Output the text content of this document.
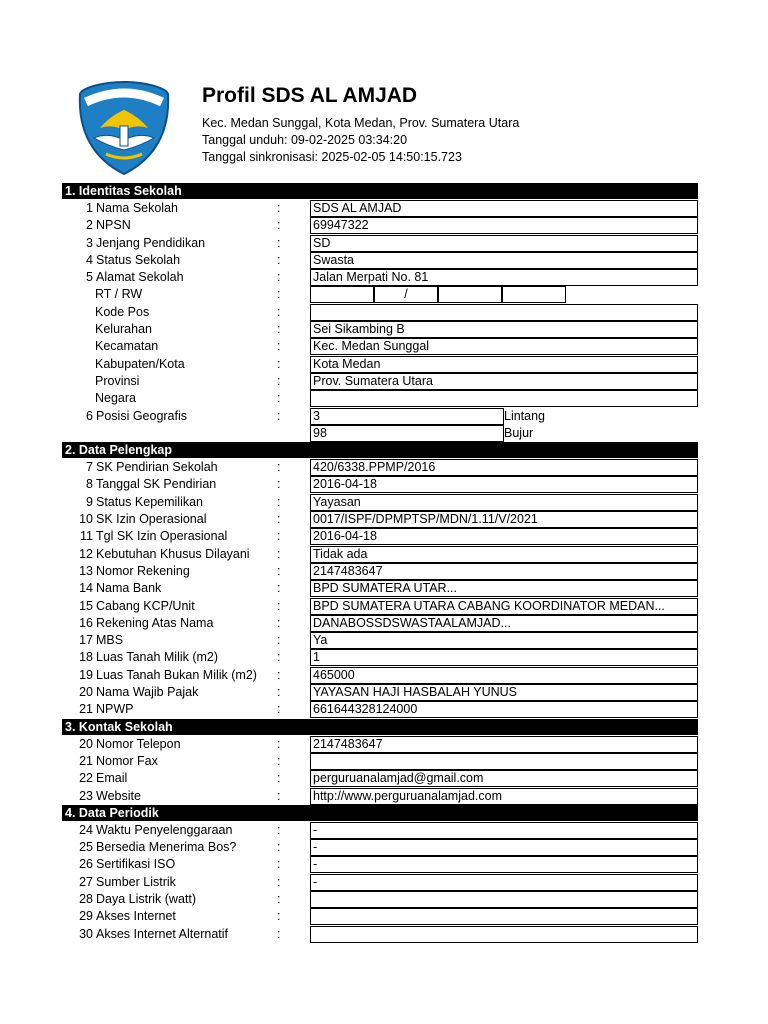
Profil SDS AL AMJAD
Kec. Medan Sunggal, Kota Medan, Prov. Sumatera Utara
Tanggal unduh: 09-02-2025 03:34:20
Tanggal sinkronisasi: 2025-02-05 14:50:15.723
1. Identitas Sekolah
1 Nama Sekolah	:	SDS AL AMJAD
2 NPSN	:	69947322
3 Jenjang Pendidikan	:	SD
4 Status Sekolah	:	Swasta
5 Alamat Sekolah	:	Jalan Merpati No. 81
RT / RW	:	/
Kode Pos	:
Kelurahan	:	Sei Sikambing B
Kecamatan	:	Kec. Medan Sunggal
Kabupaten/Kota	:	Kota Medan
Provinsi	:	Prov. Sumatera Utara
Negara	:
6 Posisi Geografis	:	3	Lintang
98	Bujur
2. Data Pelengkap
7 SK Pendirian Sekolah	:	420/6338.PPMP/2016
8 Tanggal SK Pendirian	:	2016-04-18
9 Status Kepemilikan	:	Yayasan
10 SK Izin Operasional	:	0017/ISPF/DPMPTSP/MDN/1.11/V/2021
11 Tgl SK Izin Operasional	:	2016-04-18
12 Kebutuhan Khusus Dilayani :	Tidak ada
13 Nomor Rekening	:	2147483647
14 Nama Bank	:	BPD SUMATERA UTAR...
15 Cabang KCP/Unit	:	BPD SUMATERA UTARA CABANG KOORDINATOR MEDAN...
16 Rekening Atas Nama	:	DANABOSSDSWASTAALAMJAD...
17 MBS	:	Ya
18 Luas Tanah Milik (m2)	:	1
19 Luas Tanah Bukan Milik (m2) :	465000
20 Nama Wajib Pajak	:	YAYASAN HAJI HASBALAH YUNUS
21 NPWP	:	661644328124000
3. Kontak Sekolah
20 Nomor Telepon	:	2147483647
21 Nomor Fax	:
22 Email	:	perguruanalamjad@gmail.com
23 Website	:	http://www.perguruanalamjad.com
4. Data Periodik
24 Waktu Penyelenggaraan	:	-
25 Bersedia Menerima Bos?	:	-
26 Sertifikasi ISO	:	-
27 Sumber Listrik	:	-
28 Daya Listrik (watt)	:
29 Akses Internet	:
30 Akses Internet Alternatif	:
